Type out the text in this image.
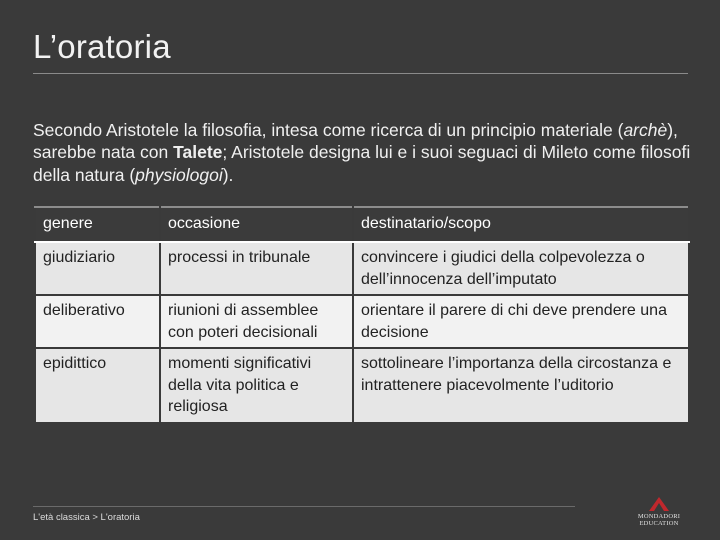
L’oratoria

Secondo Aristotele la filosofia, intesa come ricerca di un principio materiale (archè), sarebbe nata con Talete; Aristotele designa lui e i suoi seguaci di Mileto come filosofi della natura (physiologoi).

genere	occasione	destinatario/scopo
giudiziario	processi in tribunale	convincere i giudici della colpevolezza o dell’innocenza dell’imputato
deliberativo	riunioni di assemblee con poteri decisionali	orientare il parere di chi deve prendere una decisione
epidittico	momenti significativi della vita politica e religiosa	sottolineare l’importanza della circostanza e intrattenere piacevolmente l’uditorio
L'età classica > L'oratoria	MONDADORI EDUCATION
